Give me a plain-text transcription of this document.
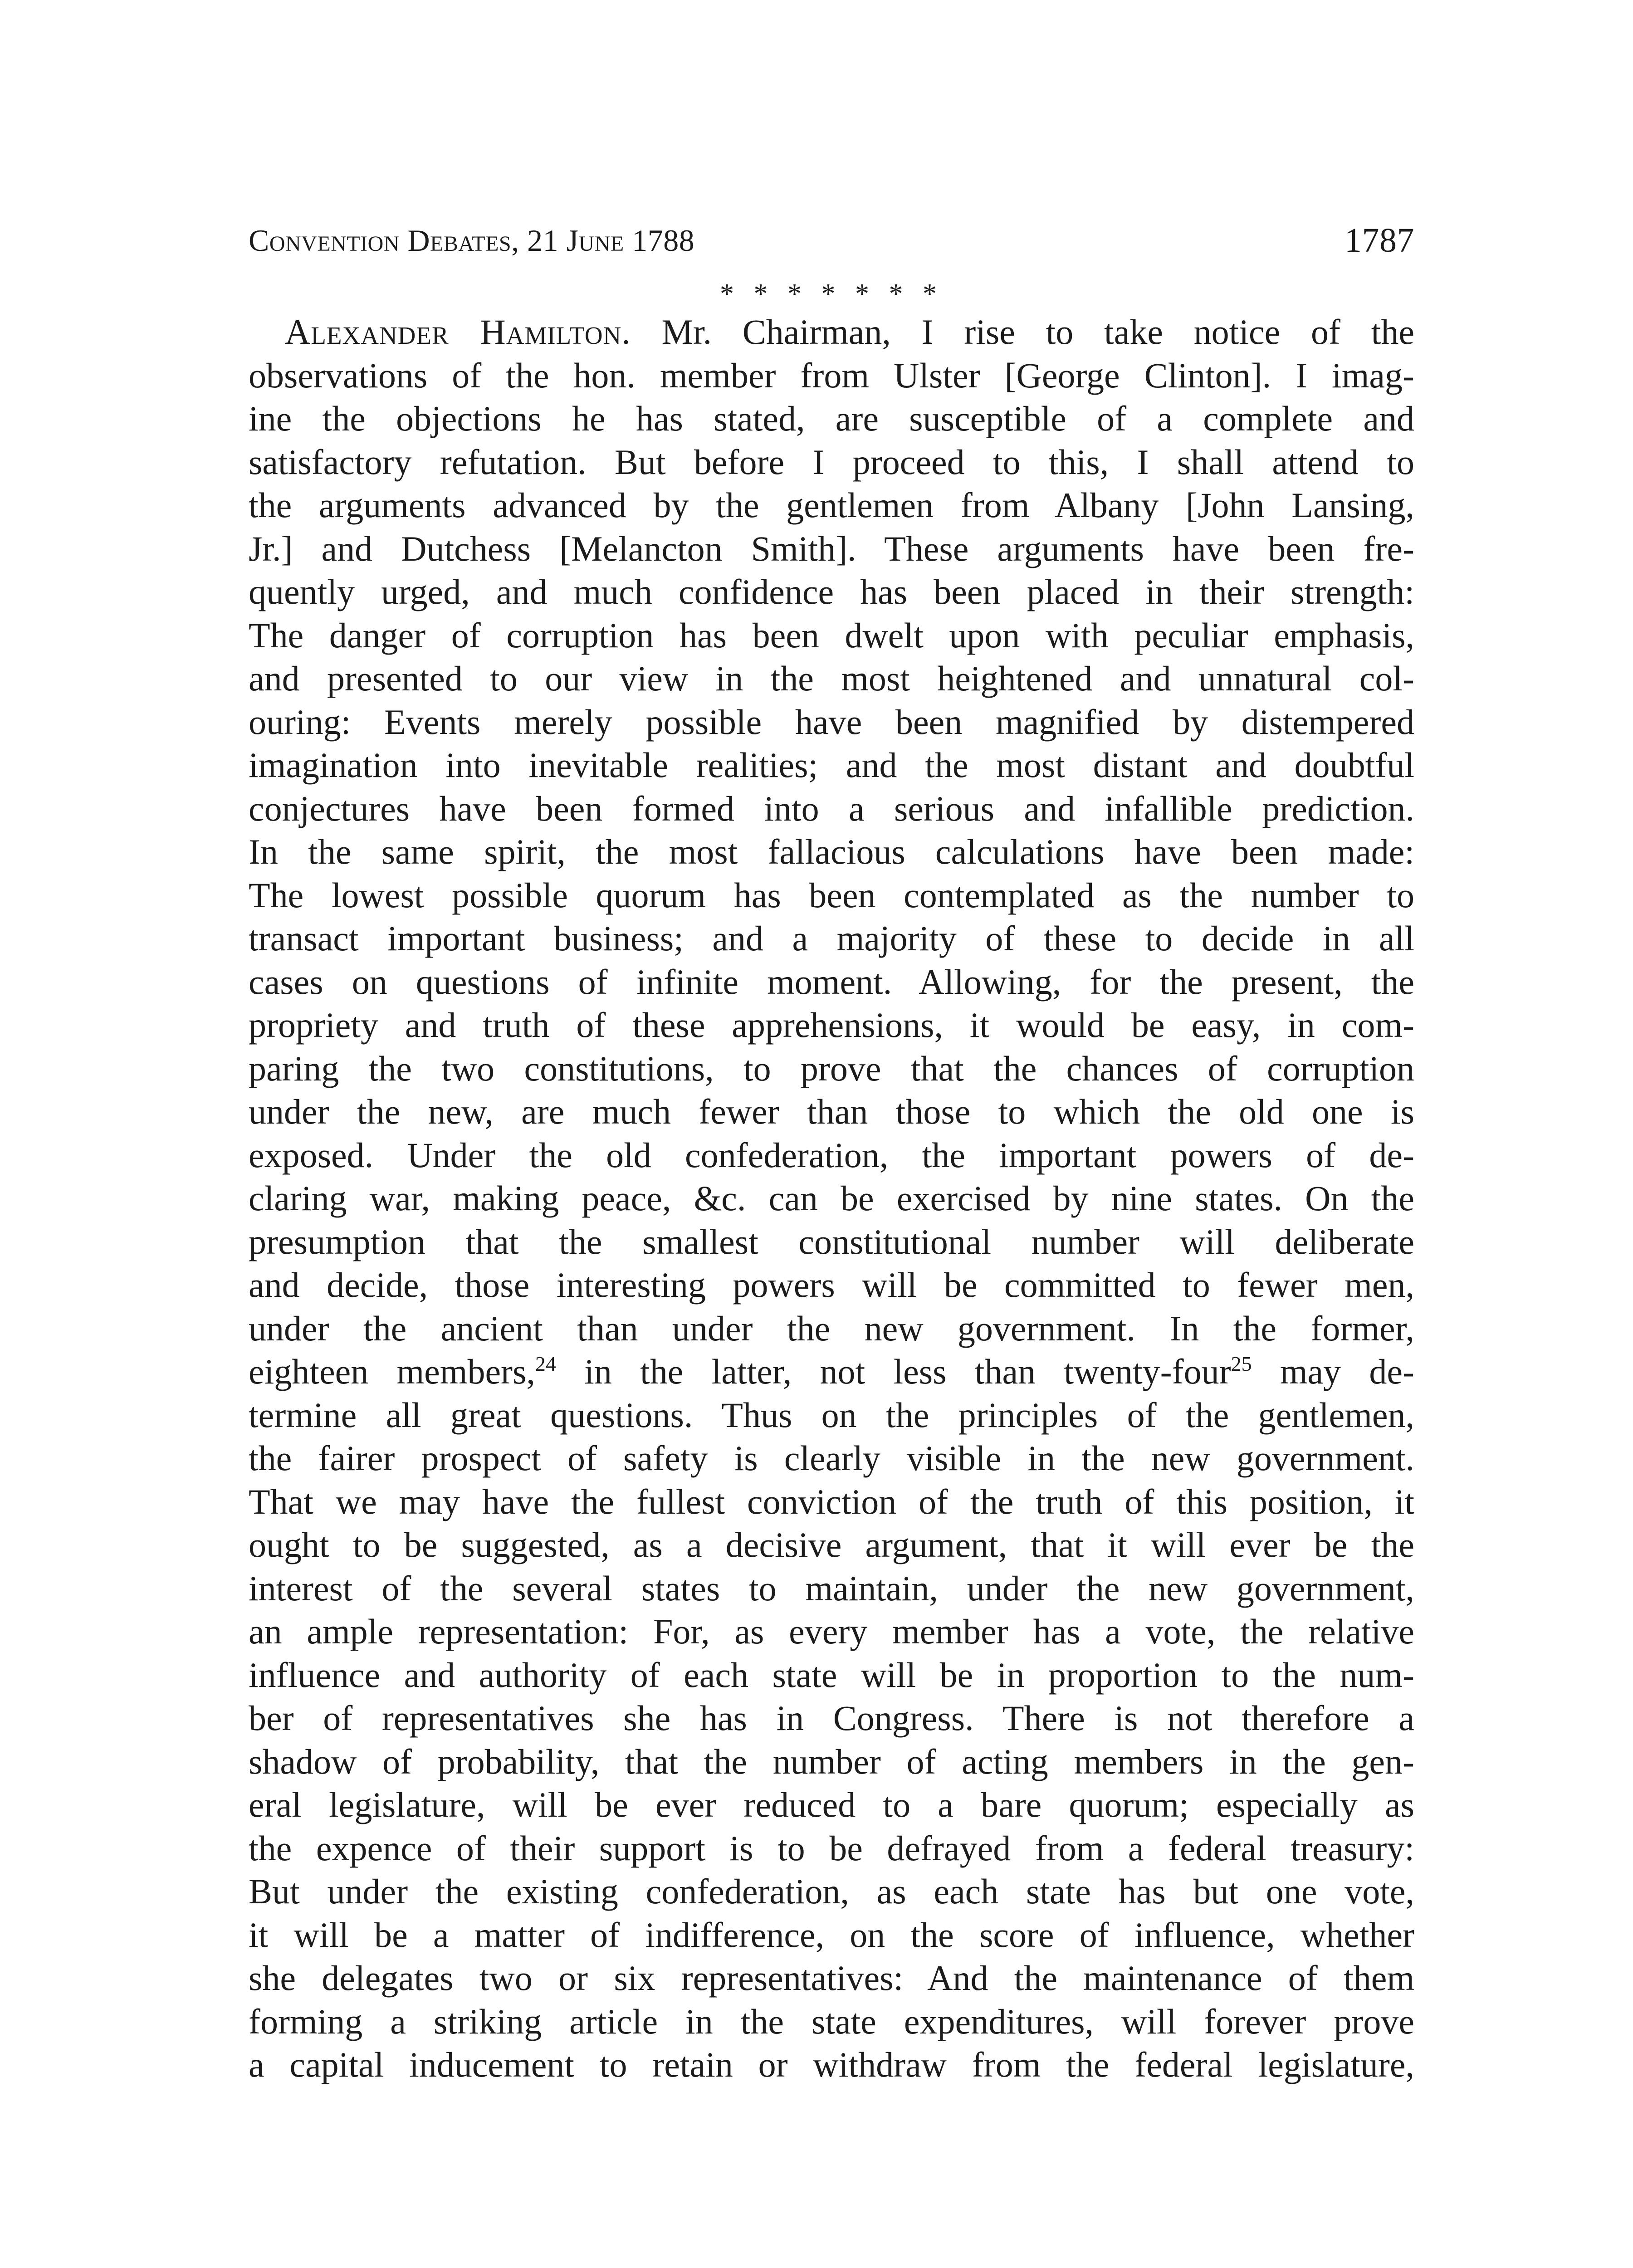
Convention Debates, 21 June 1788	1787
* * * * * * *
Alexander Hamilton. Mr. Chairman, I rise to take notice of the
observations of the hon. member from Ulster [George Clinton]. I imag-
ine the objections he has stated, are susceptible of a complete and
satisfactory refutation. But before I proceed to this, I shall attend to
the arguments advanced by the gentlemen from Albany [John Lansing,
Jr.] and Dutchess [Melancton Smith]. These arguments have been fre-
quently urged, and much confidence has been placed in their strength:
The danger of corruption has been dwelt upon with peculiar emphasis,
and presented to our view in the most heightened and unnatural col-
ouring: Events merely possible have been magnified by distempered
imagination into inevitable realities; and the most distant and doubtful
conjectures have been formed into a serious and infallible prediction.
In the same spirit, the most fallacious calculations have been made:
The lowest possible quorum has been contemplated as the number to
transact important business; and a majority of these to decide in all
cases on questions of infinite moment. Allowing, for the present, the
propriety and truth of these apprehensions, it would be easy, in com-
paring the two constitutions, to prove that the chances of corruption
under the new, are much fewer than those to which the old one is
exposed. Under the old confederation, the important powers of de-
claring war, making peace, &c. can be exercised by nine states. On the
presumption that the smallest constitutional number will deliberate
and decide, those interesting powers will be committed to fewer men,
under the ancient than under the new government. In the former,
eighteen members,$^{24}$ in the latter, not less than twenty-four$^{25}$ may de-
termine all great questions. Thus on the principles of the gentlemen,
the fairer prospect of safety is clearly visible in the new government.
That we may have the fullest conviction of the truth of this position, it
ought to be suggested, as a decisive argument, that it will ever be the
interest of the several states to maintain, under the new government,
an ample representation: For, as every member has a vote, the relative
influence and authority of each state will be in proportion to the num-
ber of representatives she has in Congress. There is not therefore a
shadow of probability, that the number of acting members in the gen-
eral legislature, will be ever reduced to a bare quorum; especially as
the expence of their support is to be defrayed from a federal treasury:
But under the existing confederation, as each state has but one vote,
it will be a matter of indifference, on the score of influence, whether
she delegates two or six representatives: And the maintenance of them
forming a striking article in the state expenditures, will forever prove
a capital inducement to retain or withdraw from the federal legislature,
